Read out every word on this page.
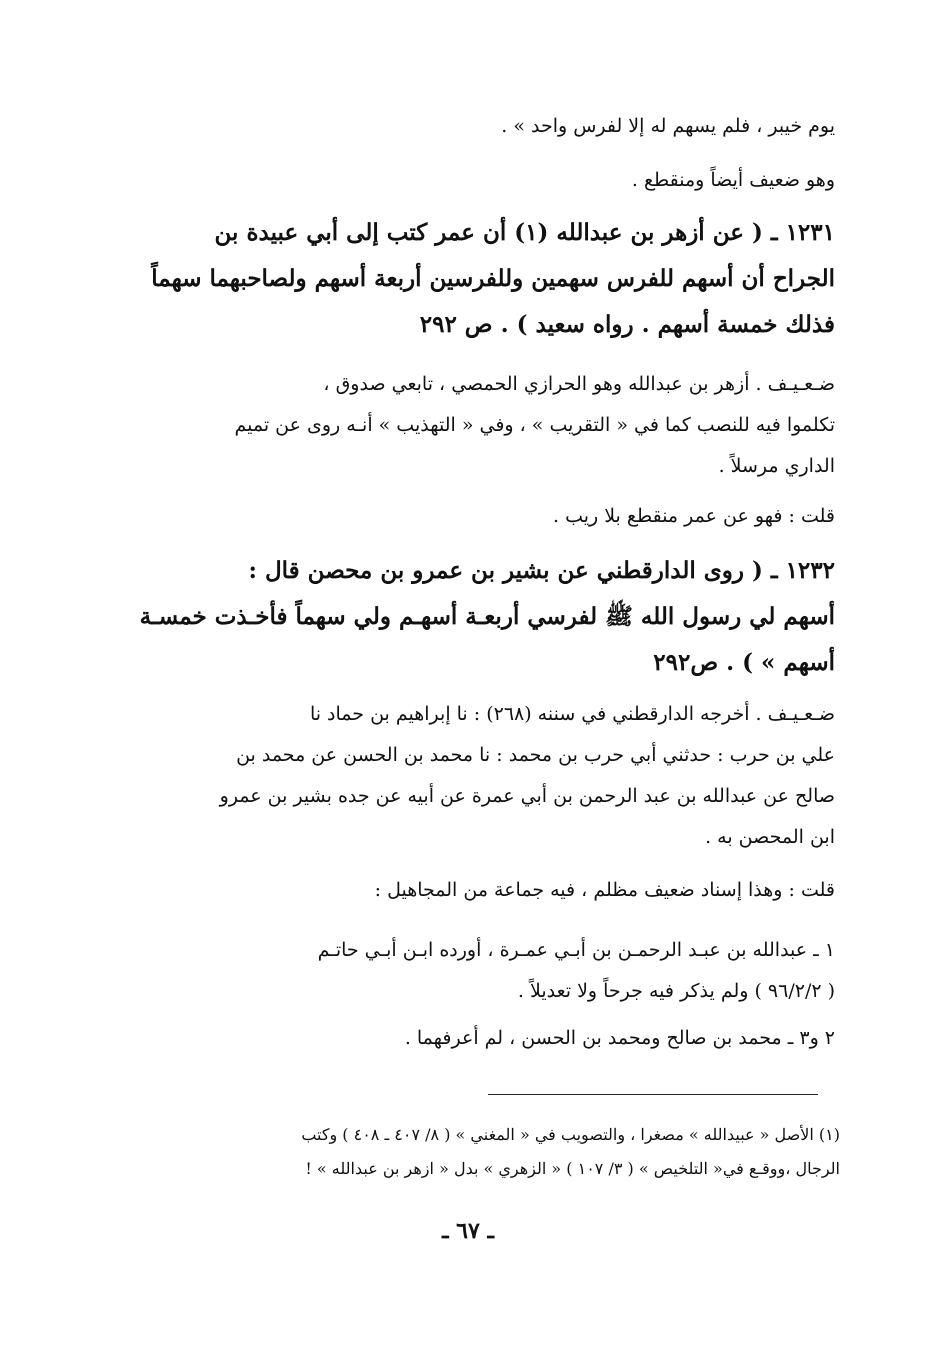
يوم خيبر ، فلم يسهم له إلا لفرس واحد » .
وهو ضعيف أيضاً ومنقطع .
١٢٣١ ـ ( عن أزهر بن عبدالله (١) أن عمر كتب إلى أبي عبيدة بن
الجراح أن أسهم للفرس سهمين وللفرسين أربعة أسهم ولصاحبهما سهماً
فذلك خمسة أسهم . رواه سعيد ) . ص ٢٩٢
ضـعـيـف . أزهر بن عبدالله وهو الحرازي الحمصي ، تابعي صدوق ،
تكلموا فيه للنصب كما في « التقريب » ، وفي « التهذيب » أنـه روى عن تميم
الداري مرسلاً .
قلت : فهو عن عمر منقطع بلا ريب .
١٢٣٢ ـ ( روى الدارقطني عن بشير بن عمرو بن محصن قال :
أسهم لي رسول الله ﷺ لفرسي أربعـة أسهـم ولي سهماً فأخـذت خمسـة
أسهم » ) . ص٢٩٢
ضـعـيـف . أخرجه الدارقطني في سننه (٢٦٨) : نا إبراهيم بن حماد نا
علي بن حرب : حدثني أبي حرب بن محمد : نا محمد بن الحسن عن محمد بن
صالح عن عبدالله بن عبد الرحمن بن أبي عمرة عن أبيه عن جده بشير بن عمرو
ابن المحصن به .
قلت : وهذا إسناد ضعيف مظلم ، فيه جماعة من المجاهيل :
١ ـ عبدالله بن عبـد الرحمـن بن أبـي عمـرة ، أورده ابـن أبـي حاتـم
( ٩٦/٢/٢ ) ولم يذكر فيه جرحاً ولا تعديلاً .
٢ و٣ ـ محمد بن صالح ومحمد بن الحسن ، لم أعرفهما .
(١) الأصل « عبيدالله » مصغرا ، والتصويب في « المغني » ( ٨/ ٤٠٧ ـ ٤٠٨ ) وكتب
الرجال ،ووقـع في« التلخيص » ( ٣/ ١٠٧ ) « الزهري » بدل « ازهر بن عبدالله » !
ـ ٦٧ ـ
